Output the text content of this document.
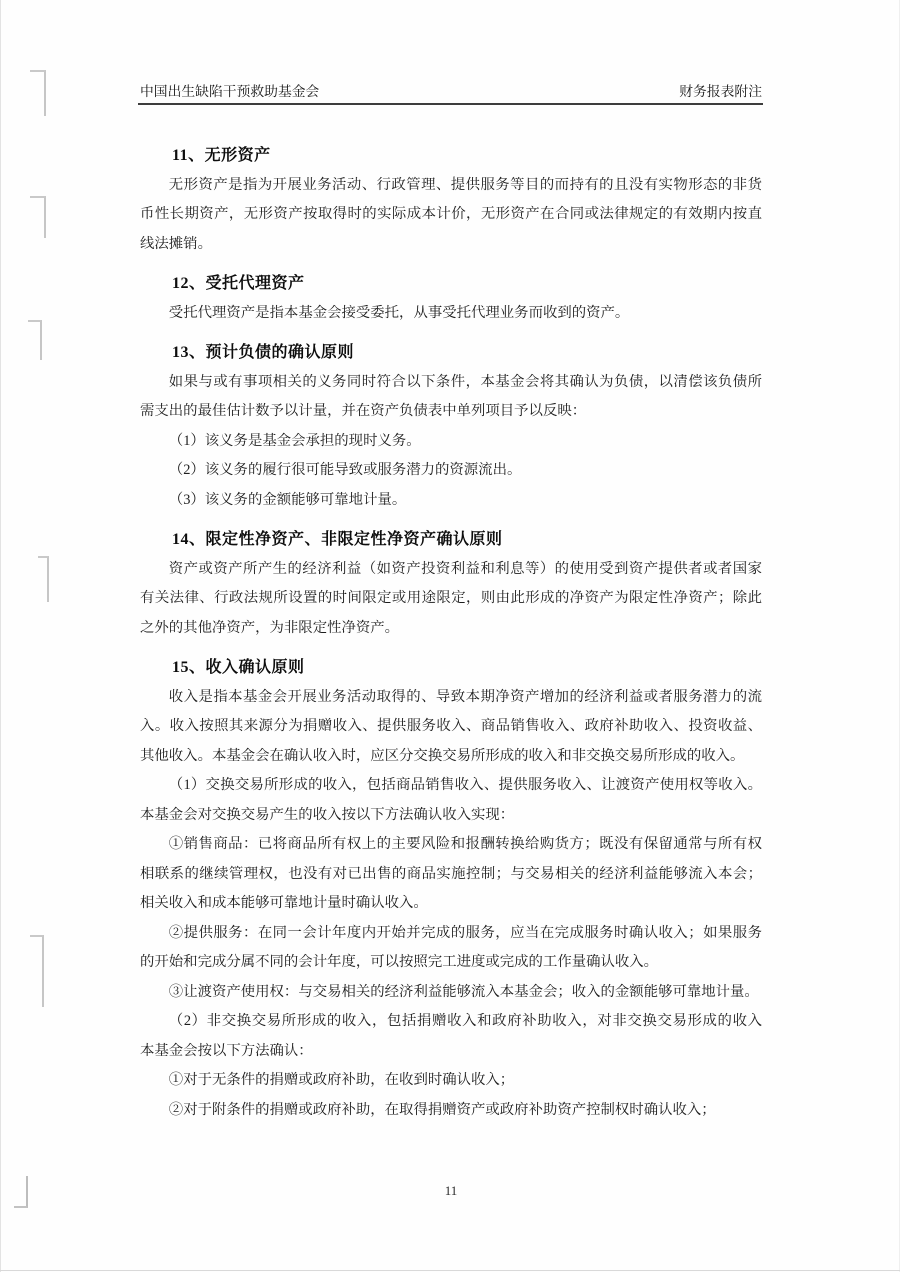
中国出生缺陷干预救助基金会	财务报表附注
11、无形资产
无形资产是指为开展业务活动、行政管理、提供服务等目的而持有的且没有实物形态的非货
币性长期资产，无形资产按取得时的实际成本计价，无形资产在合同或法律规定的有效期内按直
线法摊销。
12、受托代理资产
受托代理资产是指本基金会接受委托，从事受托代理业务而收到的资产。
13、预计负债的确认原则
如果与或有事项相关的义务同时符合以下条件，本基金会将其确认为负债，以清偿该负债所
需支出的最佳估计数予以计量，并在资产负债表中单列项目予以反映：
（1）该义务是基金会承担的现时义务。
（2）该义务的履行很可能导致或服务潜力的资源流出。
（3）该义务的金额能够可靠地计量。
14、限定性净资产、非限定性净资产确认原则
资产或资产所产生的经济利益（如资产投资利益和利息等）的使用受到资产提供者或者国家
有关法律、行政法规所设置的时间限定或用途限定，则由此形成的净资产为限定性净资产；除此
之外的其他净资产，为非限定性净资产。
15、收入确认原则
收入是指本基金会开展业务活动取得的、导致本期净资产增加的经济利益或者服务潜力的流
入。收入按照其来源分为捐赠收入、提供服务收入、商品销售收入、政府补助收入、投资收益、
其他收入。本基金会在确认收入时，应区分交换交易所形成的收入和非交换交易所形成的收入。
（1）交换交易所形成的收入，包括商品销售收入、提供服务收入、让渡资产使用权等收入。
本基金会对交换交易产生的收入按以下方法确认收入实现：
①销售商品：已将商品所有权上的主要风险和报酬转换给购货方；既没有保留通常与所有权
相联系的继续管理权，也没有对已出售的商品实施控制；与交易相关的经济利益能够流入本会；
相关收入和成本能够可靠地计量时确认收入。
②提供服务：在同一会计年度内开始并完成的服务，应当在完成服务时确认收入；如果服务
的开始和完成分属不同的会计年度，可以按照完工进度或完成的工作量确认收入。
③让渡资产使用权：与交易相关的经济利益能够流入本基金会；收入的金额能够可靠地计量。
（2）非交换交易所形成的收入，包括捐赠收入和政府补助收入，对非交换交易形成的收入
本基金会按以下方法确认：
①对于无条件的捐赠或政府补助，在收到时确认收入；
②对于附条件的捐赠或政府补助，在取得捐赠资产或政府补助资产控制权时确认收入；
11
